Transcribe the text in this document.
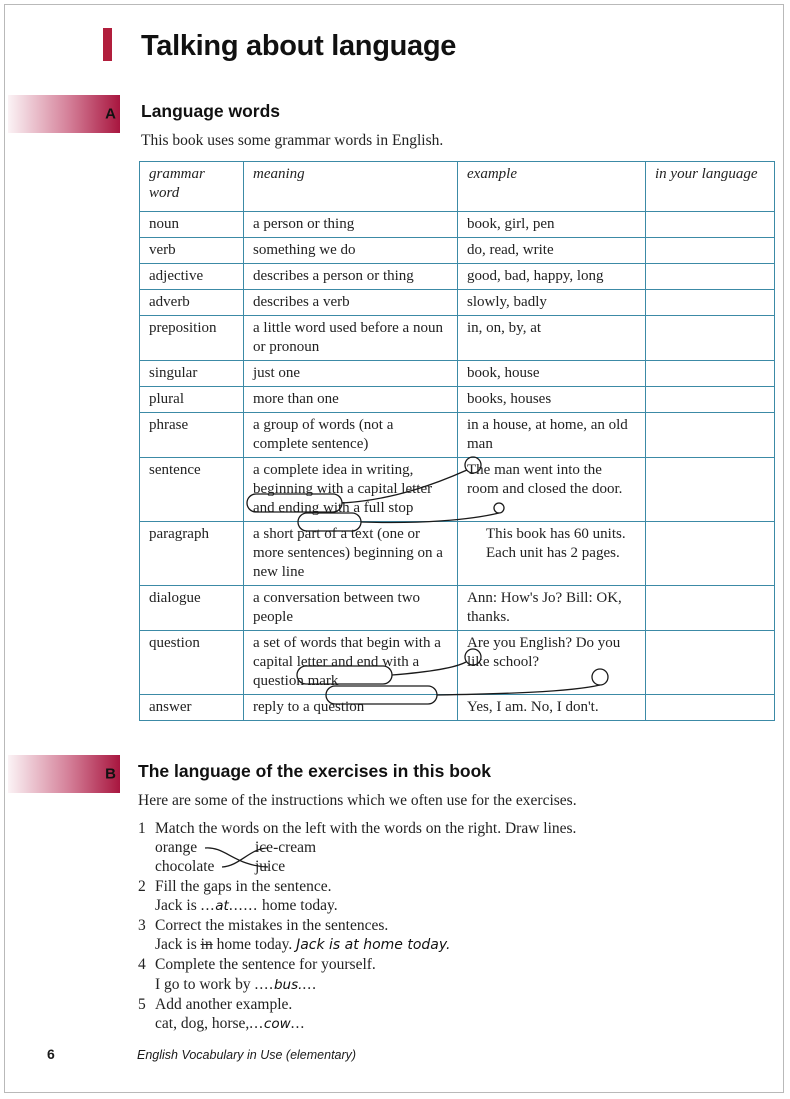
Talking about language
A Language words

This book uses some grammar words in English.

grammar word	meaning	example	in your language
noun	a person or thing	book, girl, pen	
verb	something we do	do, read, write	
adjective	describes a person or thing	good, bad, happy, long	
adverb	describes a verb	slowly, badly	
preposition	a little word used before a noun or pronoun	in, on, by, at	
singular	just one	book, house	
plural	more than one	books, houses	
phrase	a group of words (not a complete sentence)	in a house, at home, an old man	
sentence	a complete idea in writing, beginning with a capital letter and ending with a full stop	The man went into the room and closed the door.	
paragraph	a short part of a text (one or more sentences) beginning on a new line	This book has 60 units. Each unit has 2 pages.	
dialogue	a conversation between two people	Ann: How's Jo? Bill: OK, thanks.	
question	a set of words that begin with a capital letter and end with a question mark	Are you English? Do you like school?	
answer	reply to a question	Yes, I am. No, I don't.	
B The language of the exercises in this book

Here are some of the instructions which we often use for the exercises.

1 Match the words on the left with the words on the right. Draw lines.
orange
chocolate
ice-cream
juice
2 Fill the gaps in the sentence.
Jack is ...at...... home today.
3 Correct the mistakes in the sentences.
Jack is in home today. Jack is at home today.
4 Complete the sentence for yourself.
I go to work by ....bus....
5 Add another example.
cat, dog, horse,...cow...
6	English Vocabulary in Use (elementary)
